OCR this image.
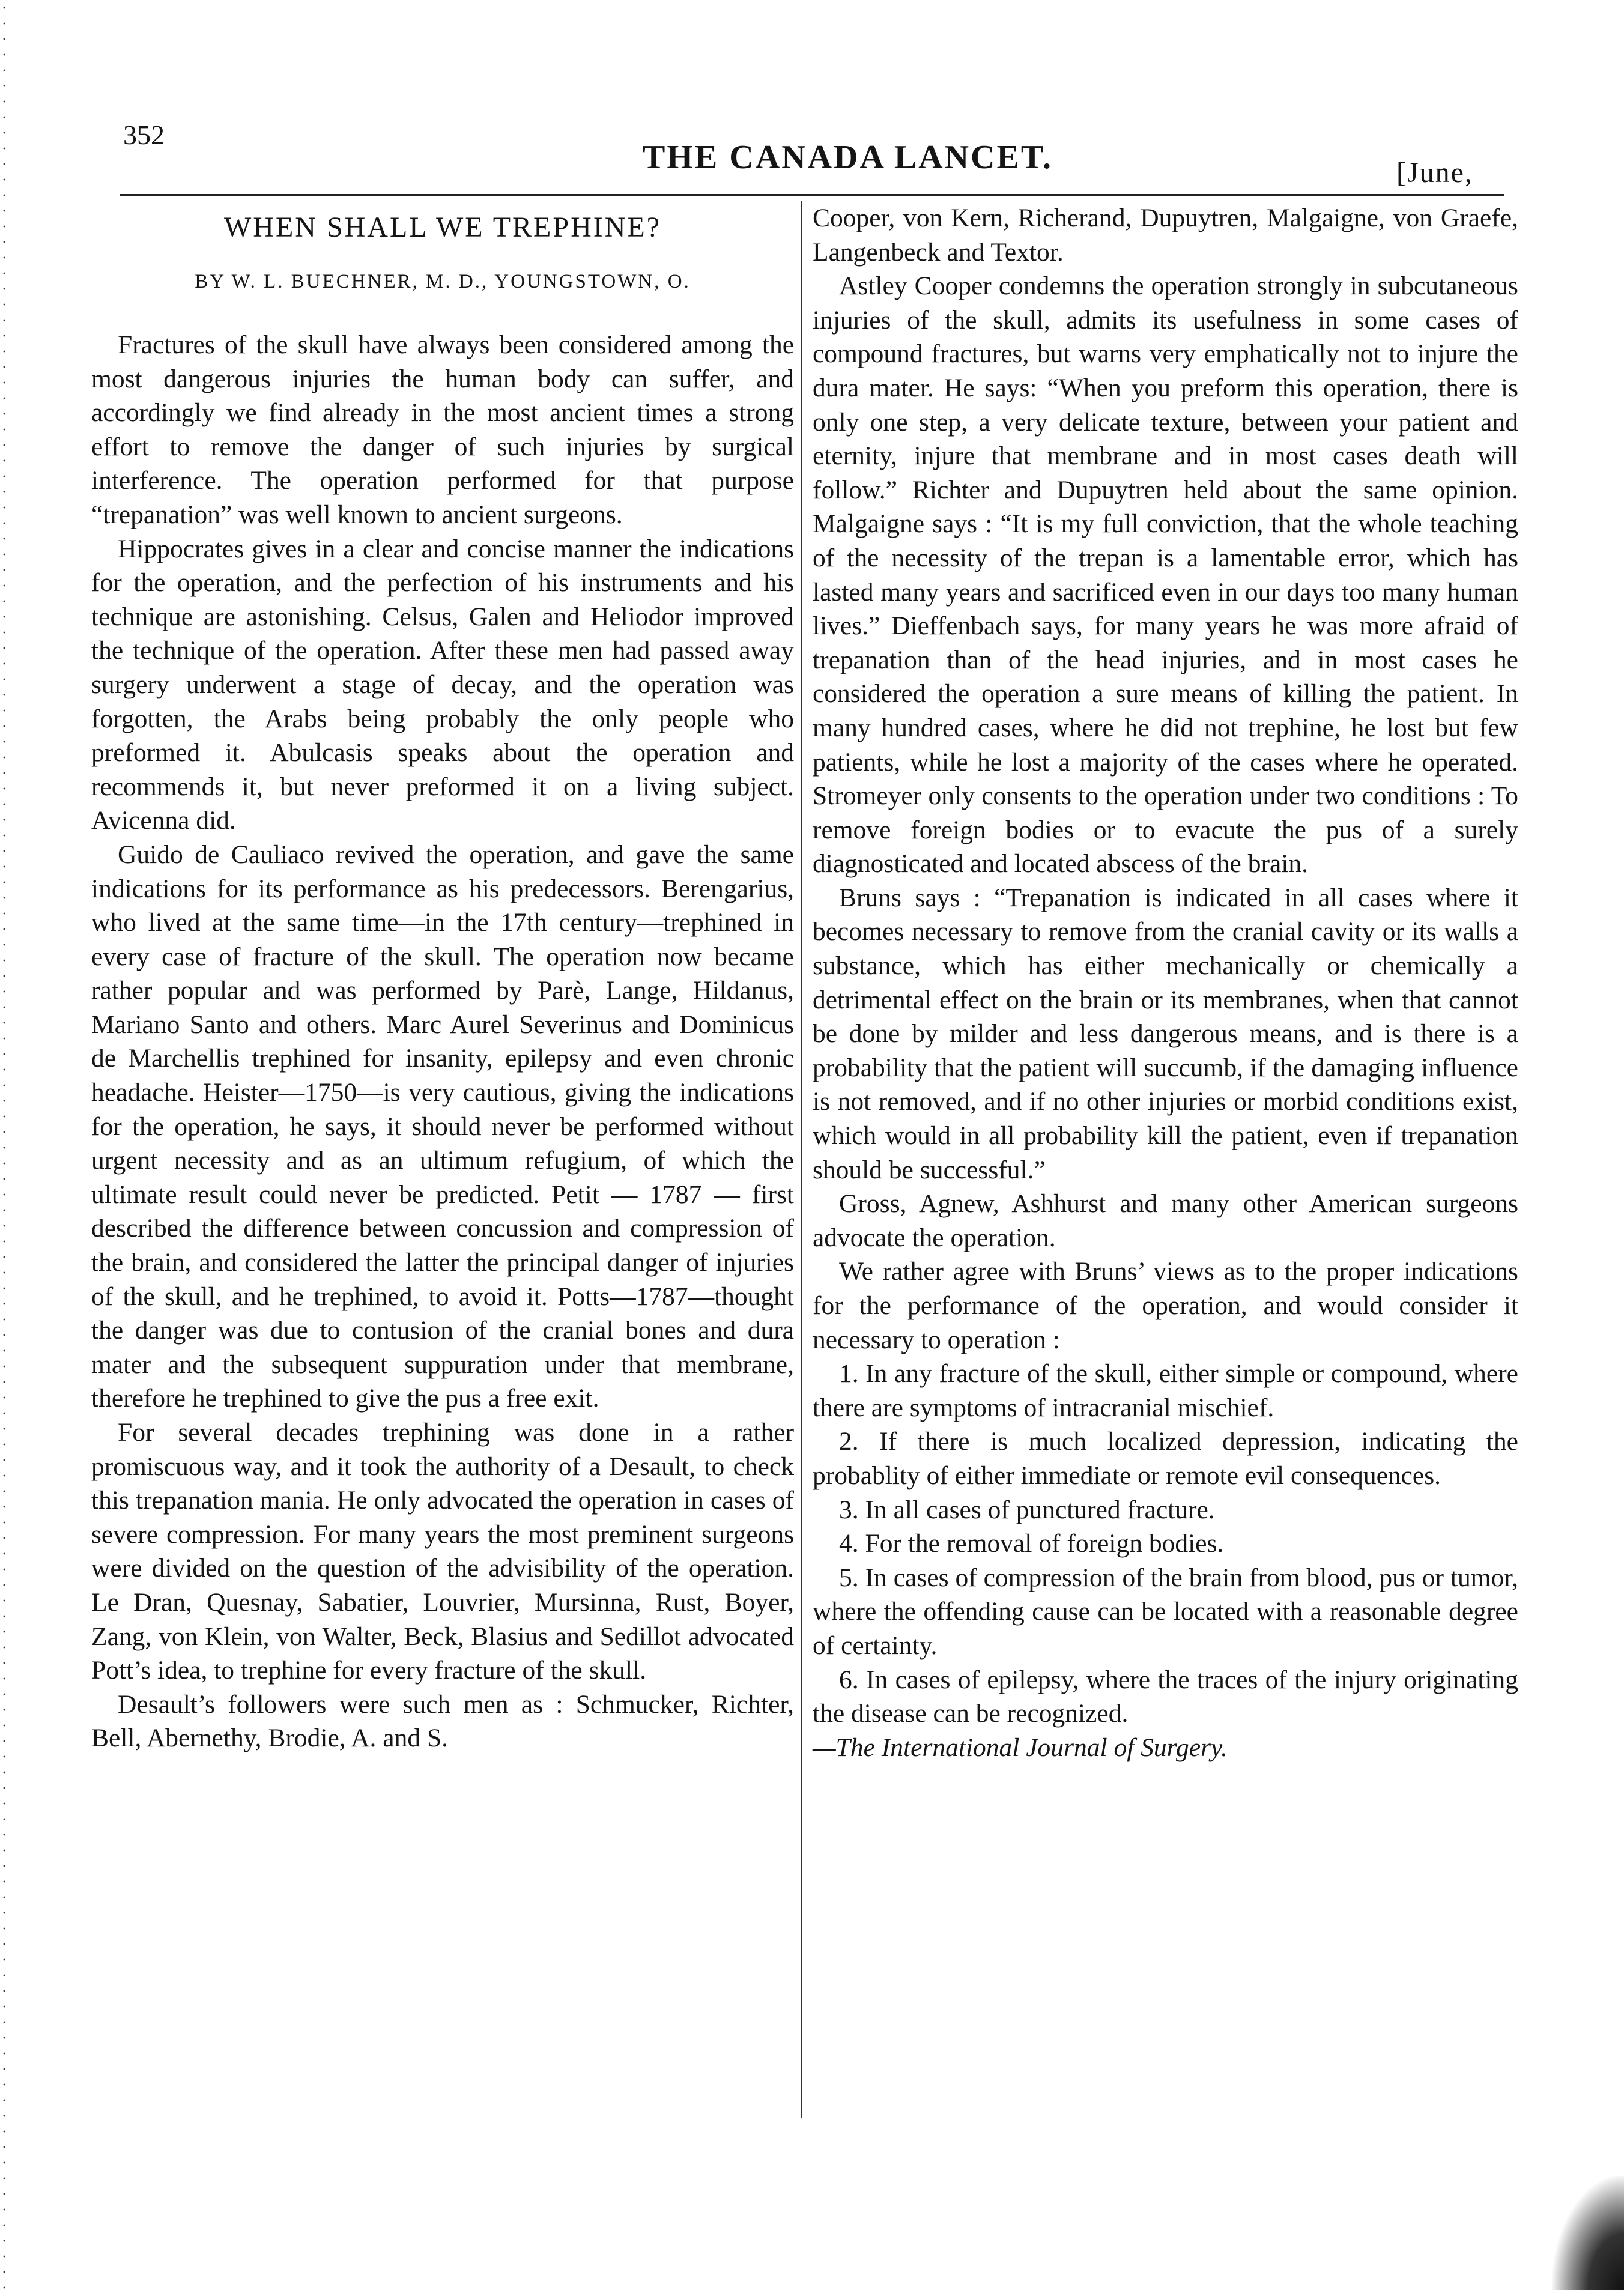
352
THE CANADA LANCET.	[June,
WHEN SHALL WE TREPHINE?
BY W. L. BUECHNER, M. D., YOUNGSTOWN, O.

Fractures of the skull have always been considered among the most dangerous injuries the human body can suffer, and accordingly we find already in the most ancient times a strong effort to remove the danger of such injuries by surgical interference. The operation performed for that purpose “trepanation” was well known to ancient surgeons.

Hippocrates gives in a clear and concise manner the indications for the operation, and the perfection of his instruments and his technique are astonishing. Celsus, Galen and Heliodor improved the technique of the operation. After these men had passed away surgery underwent a stage of decay, and the operation was forgotten, the Arabs being probably the only people who preformed it. Abulcasis speaks about the operation and recommends it, but never preformed it on a living subject. Avicenna did.

Guido de Cauliaco revived the operation, and gave the same indications for its performance as his predecessors. Berengarius, who lived at the same time—in the 17th century—trephined in every case of fracture of the skull. The operation now became rather popular and was performed by Parè, Lange, Hildanus, Mariano Santo and others. Marc Aurel Severinus and Dominicus de Marchellis trephined for insanity, epilepsy and even chronic headache. Heister—1750—is very cautious, giving the indications for the operation, he says, it should never be performed without urgent necessity and as an ultimum refugium, of which the ultimate result could never be predicted. Petit — 1787 — first described the difference between concussion and compression of the brain, and considered the latter the principal danger of injuries of the skull, and he trephined, to avoid it. Potts—1787—thought the danger was due to contusion of the cranial bones and dura mater and the subsequent suppuration under that membrane, therefore he trephined to give the pus a free exit.

For several decades trephining was done in a rather promiscuous way, and it took the authority of a Desault, to check this trepanation mania. He only advocated the operation in cases of severe compression. For many years the most preminent surgeons were divided on the question of the advisibility of the operation. Le Dran, Quesnay, Sabatier, Louvrier, Mursinna, Rust, Boyer, Zang, von Klein, von Walter, Beck, Blasius and Sedillot advocated Pott’s idea, to trephine for every fracture of the skull.

Desault’s followers were such men as : Schmucker, Richter, Bell, Abernethy, Brodie, A. and S.

Cooper, von Kern, Richerand, Dupuytren, Malgaigne, von Graefe, Langenbeck and Textor.

Astley Cooper condemns the operation strongly in subcutaneous injuries of the skull, admits its usefulness in some cases of compound fractures, but warns very emphatically not to injure the dura mater. He says: “When you preform this operation, there is only one step, a very delicate texture, between your patient and eternity, injure that membrane and in most cases death will follow.” Richter and Dupuytren held about the same opinion. Malgaigne says : “It is my full conviction, that the whole teaching of the necessity of the trepan is a lamentable error, which has lasted many years and sacrificed even in our days too many human lives.” Dieffenbach says, for many years he was more afraid of trepanation than of the head injuries, and in most cases he considered the operation a sure means of killing the patient. In many hundred cases, where he did not trephine, he lost but few patients, while he lost a majority of the cases where he operated. Stromeyer only consents to the operation under two conditions : To remove foreign bodies or to evacute the pus of a surely diagnosticated and located abscess of the brain.

Bruns says : “Trepanation is indicated in all cases where it becomes necessary to remove from the cranial cavity or its walls a substance, which has either mechanically or chemically a detrimental effect on the brain or its membranes, when that cannot be done by milder and less dangerous means, and is there is a probability that the patient will succumb, if the damaging influence is not removed, and if no other injuries or morbid conditions exist, which would in all probability kill the patient, even if trepanation should be successful.”

Gross, Agnew, Ashhurst and many other American surgeons advocate the operation.

We rather agree with Bruns’ views as to the proper indications for the performance of the operation, and would consider it necessary to operation :

1. In any fracture of the skull, either simple or compound, where there are symptoms of intracranial mischief.

2. If there is much localized depression, indicating the probablity of either immediate or remote evil consequences.

3. In all cases of punctured fracture.

4. For the removal of foreign bodies.

5. In cases of compression of the brain from blood, pus or tumor, where the offending cause can be located with a reasonable degree of certainty.

6. In cases of epilepsy, where the traces of the injury originating the disease can be recognized.

—The International Journal of Surgery.
